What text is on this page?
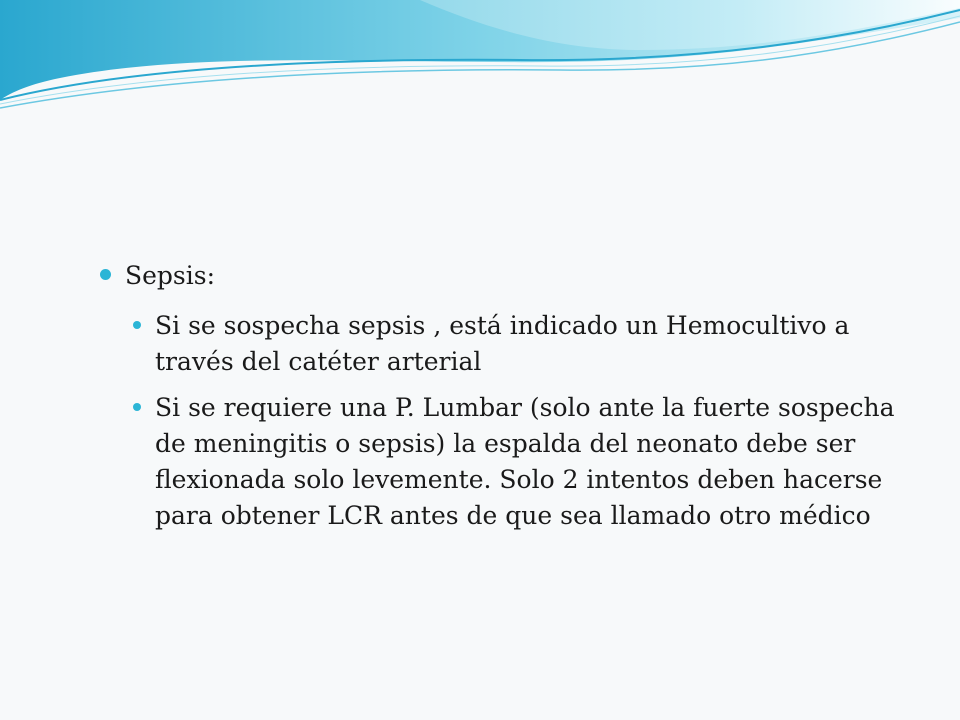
Sepsis:
Si se sospecha sepsis , está indicado un Hemocultivo a través del catéter arterial
Si se requiere una P. Lumbar (solo ante la fuerte sospecha de meningitis o sepsis) la espalda del neonato debe ser flexionada solo levemente. Solo 2 intentos deben hacerse para obtener LCR antes de que sea llamado otro médico
